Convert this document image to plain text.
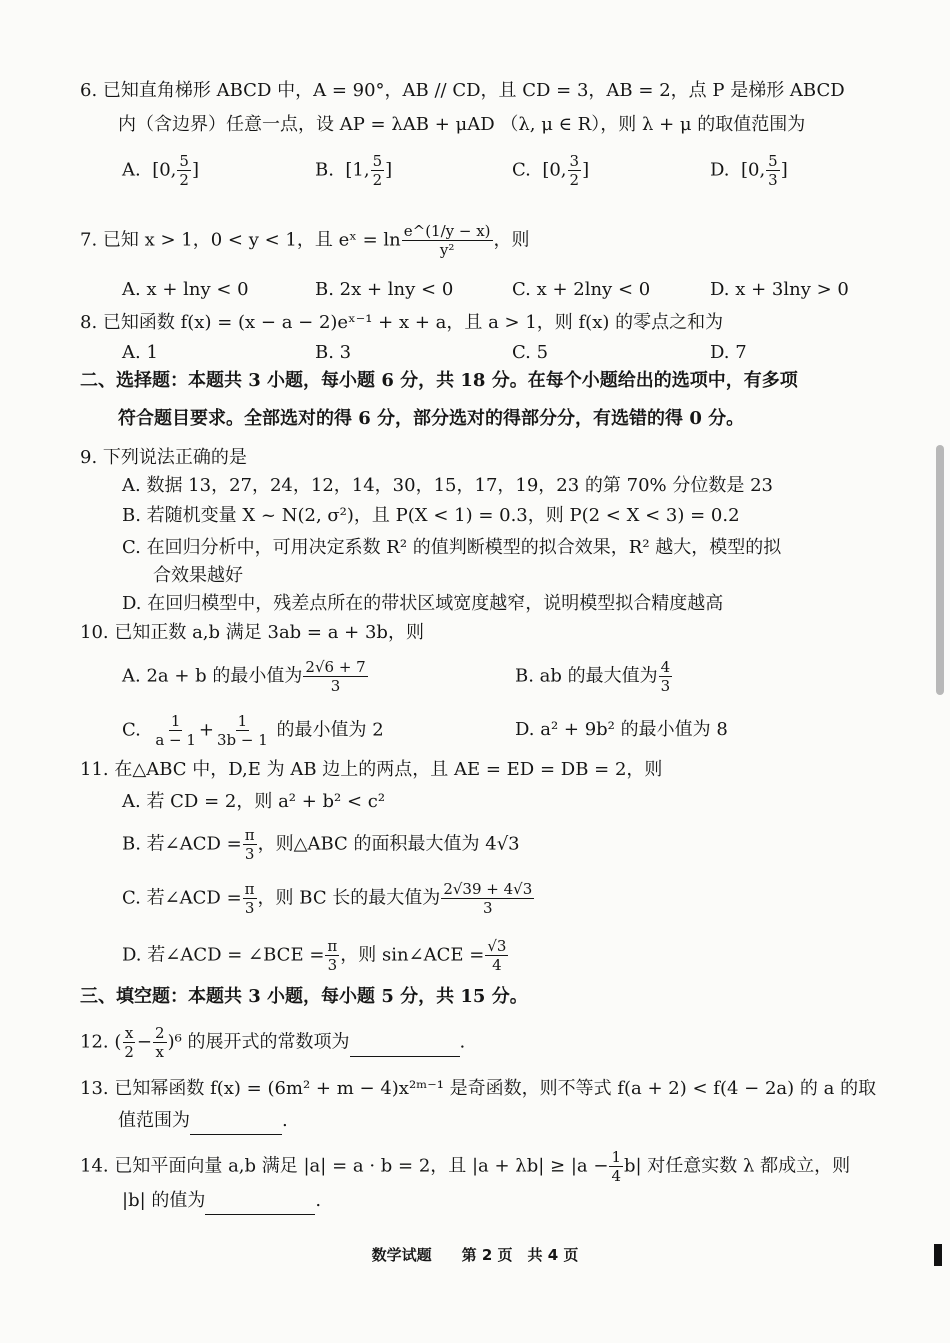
6. 已知直角梯形 ABCD 中，A = 90°，AB // CD，且 CD = 3，AB = 2，点 P 是梯形 ABCD
内（含边界）任意一点，设 AP = λAB + μAD （λ, μ ∈ R），则 λ + μ 的取值范围为
A. [0, $\frac{5}{2}$ ]	B. [1, $\frac{5}{2}$ ]	C. [0, $\frac{3}{2}$ ]	D. [0, $\frac{5}{3}$ ]
7. 已知 x > 1，0 < y < 1，且 eˣ = $\ln \frac{e\^{}(1/y - x)}{\text{y²}}$ ，则
A. x + lny < 0	B. 2x + lny < 0	C. x + 2lny < 0	D. x + 3lny > 0
8. 已知函数 f(x) = (x − a − 2)eˣ⁻¹ + x + a，且 a > 1，则 f(x) 的零点之和为
A. 1	B. 3	C. 5	D. 7
二、选择题：本题共 3 小题，每小题 6 分，共 18 分。在每个小题给出的选项中，有多项
符合题目要求。全部选对的得 6 分，部分选对的得部分分，有选错的得 0 分。
9. 下列说法正确的是
A. 数据 13，27，24，12，14，30，15，17，19，23 的第 70% 分位数是 23
B. 若随机变量 X ~ N(2, σ²)，且 P(X < 1) = 0.3，则 P(2 < X < 3) = 0.2
C. 在回归分析中，可用决定系数 R² 的值判断模型的拟合效果，R² 越大，模型的拟
合效果越好
D. 在回归模型中，残差点所在的带状区域宽度越窄，说明模型拟合精度越高
10. 已知正数 a,b 满足 3ab = a + 3b，则
A. 2a + b 的最小值为 $\frac{2√6 + 7}{3}$	B. ab 的最大值为 $\frac{4}{3}$
C. $\frac{1}{a - 1} + \frac{1}{3b - 1}$ 的最小值为 2	D. a² + 9b² 的最小值为 8
11. 在△ABC 中，D,E 为 AB 边上的两点，且 AE = ED = DB = 2，则
A. 若 CD = 2，则 a² + b² < c²
B. 若∠ACD = $\frac{\pi}{3}$ ，则△ABC 的面积最大值为 4√3
C. 若∠ACD = $\frac{\pi}{3}$ ，则 BC 长的最大值为 $\frac{2√39 + 4√3}{3}$
D. 若∠ACD = ∠BCE = $\frac{\pi}{3}$ ，则 sin∠ACE = $\frac{√3}{4}$
三、填空题：本题共 3 小题，每小题 5 分，共 15 分。
12. ( $\frac{x}{2} - \frac{2}{x} )^6$ 的展开式的常数项为	.
13. 已知幂函数 f(x) = (6m² + m − 4)x²ᵐ⁻¹ 是奇函数，则不等式 f(a + 2) < f(4 − 2a) 的 a 的取
值范围为	.
14. 已知平面向量 a,b 满足 |a| = a · b = 2，且 $|a + \lambda b| \ge |a - \frac{1}{4} b|$ 对任意实数 λ 都成立，则
|b| 的值为	.
数学试题　　第 2 页　共 4 页
